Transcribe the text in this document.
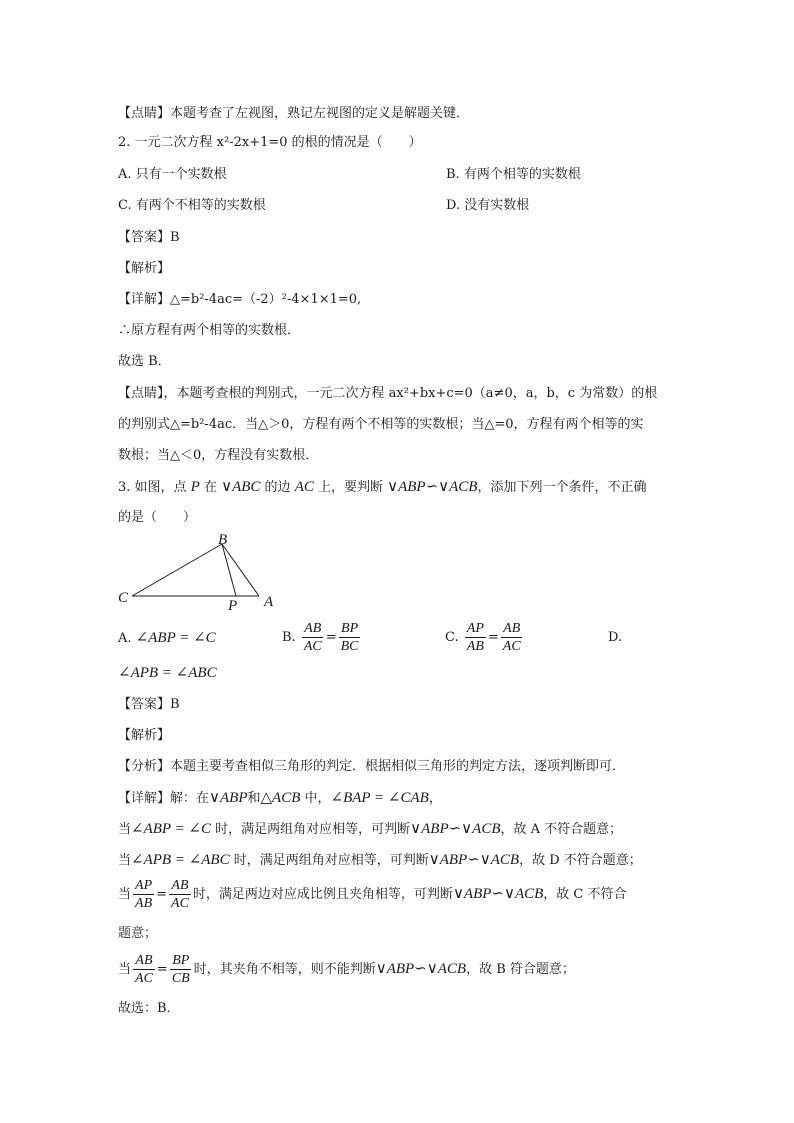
【点睛】本题考查了左视图，熟记左视图的定义是解题关键．
2. 一元二次方程 x²-2x+1=0 的根的情况是（　　）
A. 只有一个实数根	B. 有两个相等的实数根
C. 有两个不相等的实数根	D. 没有实数根
【答案】B
【解析】
【详解】△=b²-4ac=（-2）²-4×1×1=0,
∴原方程有两个相等的实数根．
故选 B．
【点睛】，本题考查根的判别式，一元二次方程 ax²+bx+c=0（a≠0，a，b，c 为常数）的根
的判别式△=b²-4ac．当△＞0，方程有两个不相等的实数根；当△=0，方程有两个相等的实
数根；当△＜0，方程没有实数根．
3. 如图，点 P 在 ∨ABC 的边 AC 上，要判断 ∨ABP∽∨ACB，添加下列一个条件，不正确
的是（　　）
B
C	P A
A. ∠ABP = ∠C	B. $\frac{AB}{AC} = \frac{BP}{BC}$	C. $\frac{AP}{AB} = \frac{AB}{AC}$	D.
∠APB = ∠ABC
【答案】B
【解析】
【分析】本题主要考查相似三角形的判定．根据相似三角形的判定方法，逐项判断即可．
【详解】解：在∨ABP和△ACB 中，∠BAP = ∠CAB，
当∠ABP = ∠C 时，满足两组角对应相等，可判断∨ABP∽∨ACB，故 A 不符合题意；
当∠APB = ∠ABC 时，满足两组角对应相等，可判断∨ABP∽∨ACB，故 D 不符合题意；
当 $\frac{AP}{AB} = \frac{AB}{AC}$ 时，满足两边对应成比例且夹角相等，可判断∨ABP∽∨ACB，故 C 不符合
题意；
当 $\frac{AB}{AC} = \frac{BP}{CB}$ 时，其夹角不相等，则不能判断∨ABP∽∨ACB，故 B 符合题意；
故选：B．
